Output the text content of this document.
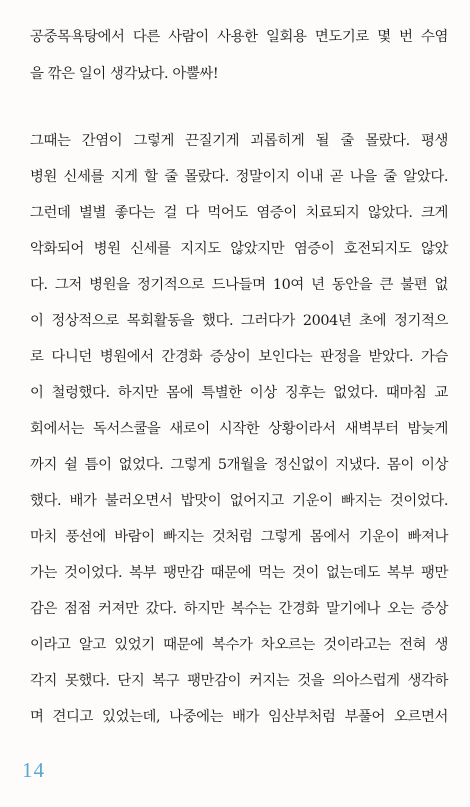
공중목욕탕에서 다른 사람이 사용한 일회용 면도기로 몇 번 수염
을 깎은 일이 생각났다. 아뿔싸!
그때는 간염이 그렇게 끈질기게 괴롭히게 될 줄 몰랐다. 평생
병원 신세를 지게 할 줄 몰랐다. 정말이지 이내 곧 나을 줄 알았다.
그런데 별별 좋다는 걸 다 먹어도 염증이 치료되지 않았다. 크게
악화되어 병원 신세를 지지도 않았지만 염증이 호전되지도 않았
다. 그저 병원을 정기적으로 드나들며 10여 년 동안을 큰 불편 없
이 정상적으로 목회활동을 했다. 그러다가 2004년 초에 정기적으
로 다니던 병원에서 간경화 증상이 보인다는 판정을 받았다. 가슴
이 철렁했다. 하지만 몸에 특별한 이상 징후는 없었다. 때마침 교
회에서는 독서스쿨을 새로이 시작한 상황이라서 새벽부터 밤늦게
까지 쉴 틈이 없었다. 그렇게 5개월을 정신없이 지냈다. 몸이 이상
했다. 배가 불러오면서 밥맛이 없어지고 기운이 빠지는 것이었다.
마치 풍선에 바람이 빠지는 것처럼 그렇게 몸에서 기운이 빠져나
가는 것이었다. 복부 팽만감 때문에 먹는 것이 없는데도 복부 팽만
감은 점점 커져만 갔다. 하지만 복수는 간경화 말기에나 오는 증상
이라고 알고 있었기 때문에 복수가 차오르는 것이라고는 전혀 생
각지 못했다. 단지 복구 팽만감이 커지는 것을 의아스럽게 생각하
며 견디고 있었는데, 나중에는 배가 임산부처럼 부풀어 오르면서
14
